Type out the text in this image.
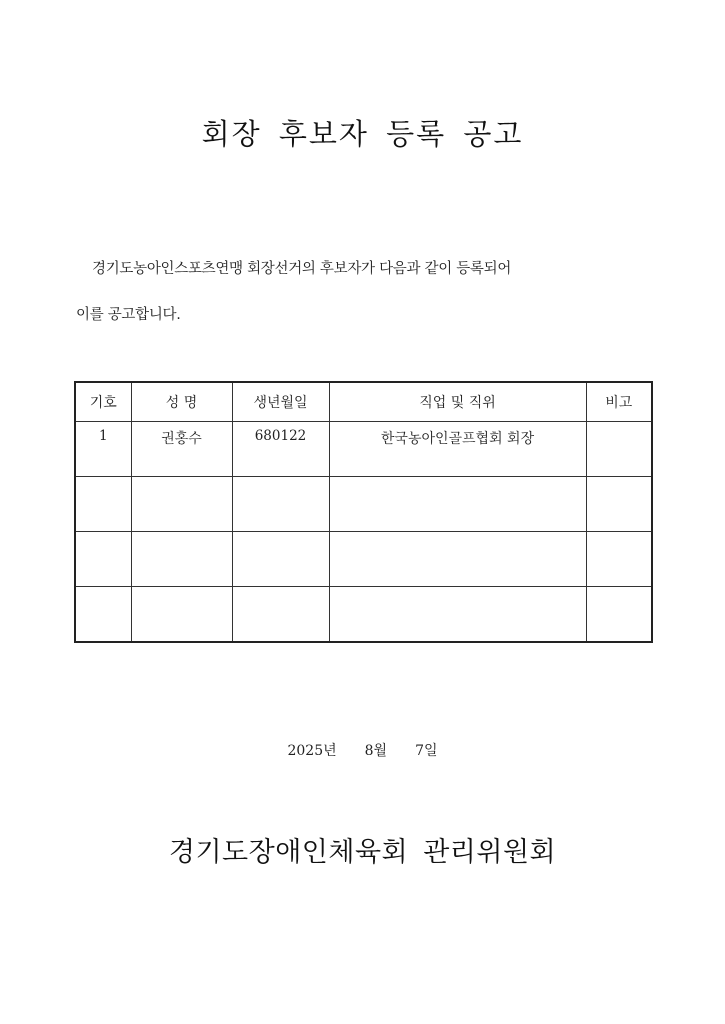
회장 후보자 등록 공고
경기도농아인스포츠연맹 회장선거의 후보자가 다음과 같이 등록되어
이를 공고합니다.
기호	성 명	생년월일	직업 및 직위	비고
1	권홍수	680122	한국농아인골프협회 회장	

2025년 8월 7일
경기도장애인체육회 관리위원회
